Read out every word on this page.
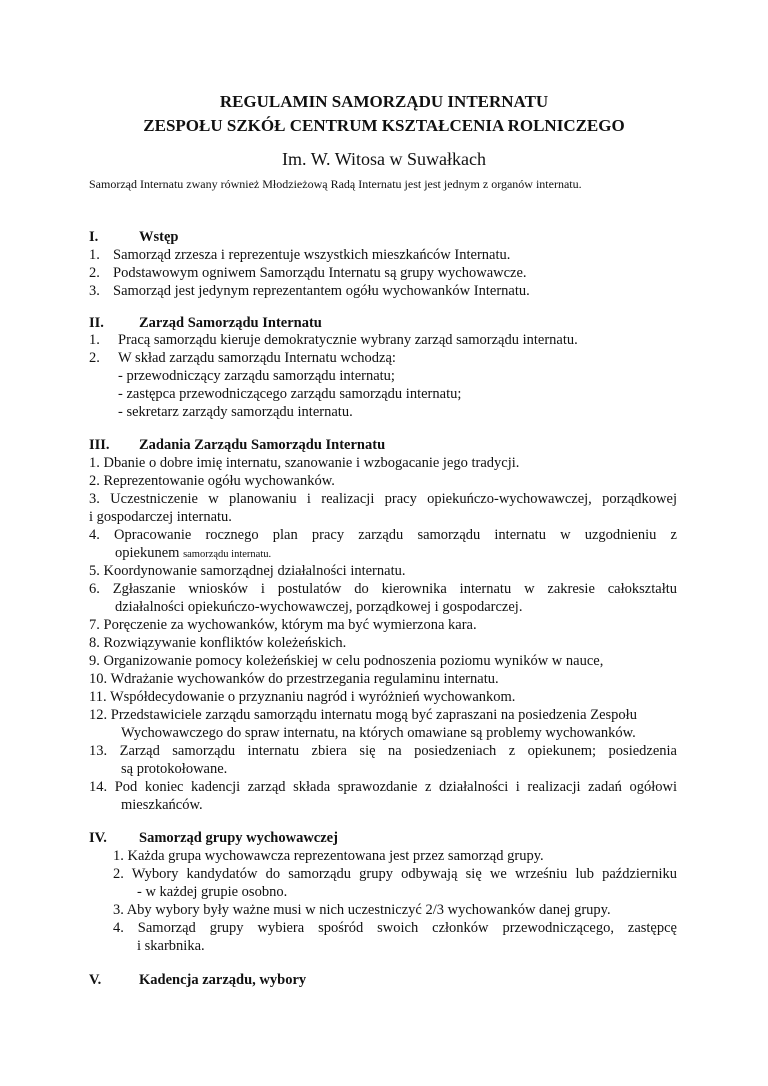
REGULAMIN SAMORZĄDU INTERNATU
ZESPOŁU SZKÓŁ CENTRUM KSZTAŁCENIA ROLNICZEGO
Im. W. Witosa w Suwałkach
Samorząd Internatu zwany również Młodzieżową Radą Internatu jest jest jednym z organów internatu.
I.	Wstęp
1. Samorząd zrzesza i reprezentuje wszystkich mieszkańców Internatu.
2. Podstawowym ogniwem Samorządu Internatu są grupy wychowawcze.
3. Samorząd jest jedynym reprezentantem ogółu wychowanków Internatu.
II. Zarząd Samorządu Internatu
1. Pracą samorządu kieruje demokratycznie wybrany zarząd samorządu internatu.
2. W skład zarządu samorządu Internatu wchodzą:
- przewodniczący zarządu samorządu internatu;
- zastępca przewodniczącego zarządu samorządu internatu;
- sekretarz zarządy samorządu internatu.
III. Zadania Zarządu Samorządu Internatu
1. Dbanie o dobre imię internatu, szanowanie i wzbogacanie jego tradycji.
2. Reprezentowanie ogółu wychowanków.
3. Uczestniczenie w planowaniu i realizacji pracy opiekuńczo-wychowawczej, porządkowej
i gospodarczej internatu.
4. Opracowanie rocznego plan pracy zarządu samorządu internatu w uzgodnieniu z
opiekunem samorządu internatu.
5. Koordynowanie samorządnej działalności internatu.
6. Zgłaszanie wniosków i postulatów do kierownika internatu w zakresie całokształtu
działalności opiekuńczo-wychowawczej, porządkowej i gospodarczej.
7. Poręczenie za wychowanków, którym ma być wymierzona kara.
8. Rozwiązywanie konfliktów koleżeńskich.
9. Organizowanie pomocy koleżeńskiej w celu podnoszenia poziomu wyników w nauce,
10. Wdrażanie wychowanków do przestrzegania regulaminu internatu.
11. Współdecydowanie o przyznaniu nagród i wyróżnień wychowankom.
12. Przedstawiciele zarządu samorządu internatu mogą być zapraszani na posiedzenia Zespołu
Wychowawczego do spraw internatu, na których omawiane są problemy wychowanków.
13. Zarząd samorządu internatu zbiera się na posiedzeniach z opiekunem; posiedzenia
są protokołowane.
14. Pod koniec kadencji zarząd składa sprawozdanie z działalności i realizacji zadań ogółowi
mieszkańców.
IV. Samorząd grupy wychowawczej
1. Każda grupa wychowawcza reprezentowana jest przez samorząd grupy.
2. Wybory kandydatów do samorządu grupy odbywają się we wrześniu lub październiku
- w każdej grupie osobno.
3. Aby wybory były ważne musi w nich uczestniczyć 2/3 wychowanków danej grupy.
4. Samorząd grupy wybiera spośród swoich członków przewodniczącego, zastępcę
i skarbnika.
V.	Kadencja zarządu, wybory
